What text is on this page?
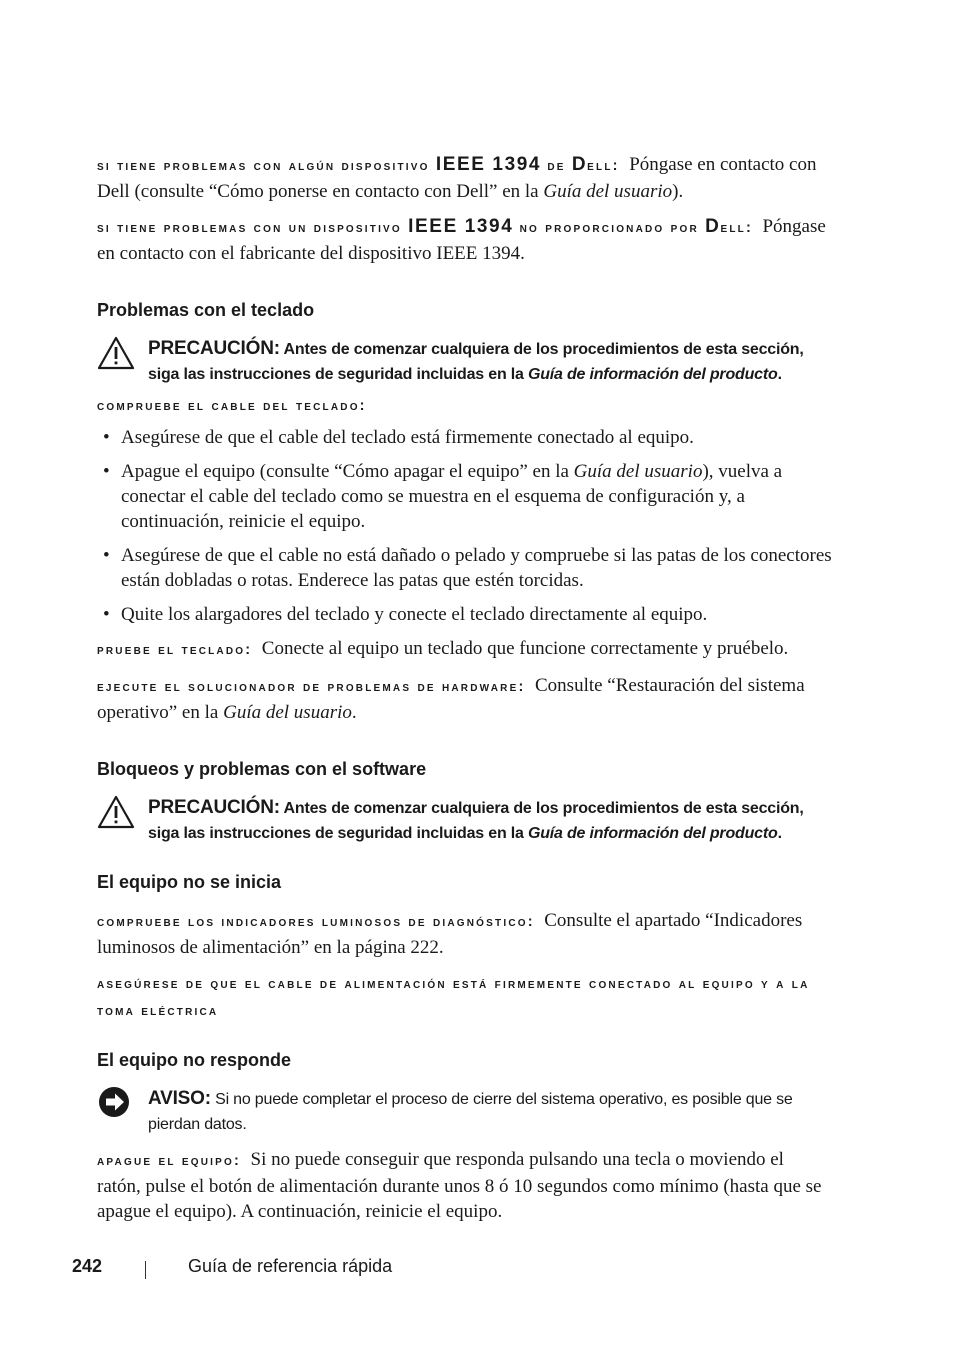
si tiene problemas con algún dispositivo IEEE 1394 de Dell: Póngase en contacto con Dell (consulte “Cómo ponerse en contacto con Dell” en la Guía del usuario).

si tiene problemas con un dispositivo IEEE 1394 no proporcionado por Dell: Póngase en contacto con el fabricante del dispositivo IEEE 1394.

Problemas con el teclado
PRECAUCIÓN: Antes de comenzar cualquiera de los procedimientos de esta sección, siga las instrucciones de seguridad incluidas en la Guía de información del producto.
compruebe el cable del teclado:
• Asegúrese de que el cable del teclado está firmemente conectado al equipo.
• Apague el equipo (consulte “Cómo apagar el equipo” en la Guía del usuario), vuelva a conectar el cable del teclado como se muestra en el esquema de configuración y, a continuación, reinicie el equipo.
• Asegúrese de que el cable no está dañado o pelado y compruebe si las patas de los conectores están dobladas o rotas. Enderece las patas que estén torcidas.
• Quite los alargadores del teclado y conecte el teclado directamente al equipo.

pruebe el teclado: Conecte al equipo un teclado que funcione correctamente y pruébelo.

ejecute el solucionador de problemas de hardware: Consulte “Restauración del sistema operativo” en la Guía del usuario.

Bloqueos y problemas con el software
PRECAUCIÓN: Antes de comenzar cualquiera de los procedimientos de esta sección, siga las instrucciones de seguridad incluidas en la Guía de información del producto.
El equipo no se inicia

compruebe los indicadores luminosos de diagnóstico: Consulte el apartado “Indicadores luminosos de alimentación” en la página 222.

asegúrese de que el cable de alimentación está firmemente conectado al equipo y a la toma eléctrica

El equipo no responde
AVISO: Si no puede completar el proceso de cierre del sistema operativo, es posible que se pierdan datos.

apague el equipo: Si no puede conseguir que responda pulsando una tecla o moviendo el ratón, pulse el botón de alimentación durante unos 8 ó 10 segundos como mínimo (hasta que se apague el equipo). A continuación, reinicie el equipo.

242	Guía de referencia rápida
